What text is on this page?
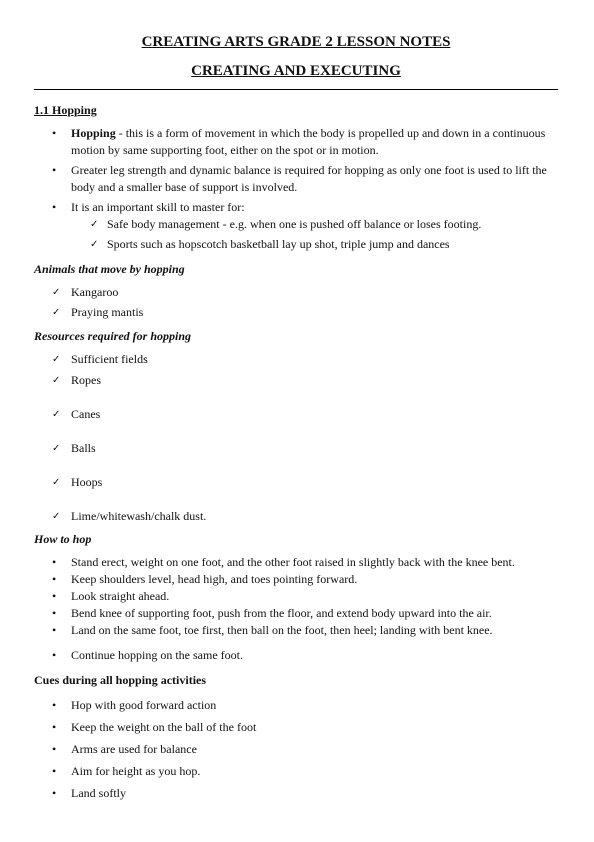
CREATING ARTS GRADE 2 LESSON NOTES
CREATING AND EXECUTING
1.1 Hopping
• Hopping - this is a form of movement in which the body is propelled up and down in a continuous motion by same supporting foot, either on the spot or in motion.
• Greater leg strength and dynamic balance is required for hopping as only one foot is used to lift the body and a smaller base of support is involved.
• It is an important skill to master for:
✓ Safe body management - e.g. when one is pushed off balance or loses footing.
✓ Sports such as hopscotch basketball lay up shot, triple jump and dances
Animals that move by hopping
✓ Kangaroo
✓ Praying mantis
Resources required for hopping
✓ Sufficient fields
✓ Ropes
✓ Canes
✓ Balls
✓ Hoops
✓ Lime/whitewash/chalk dust.
How to hop
• Stand erect, weight on one foot, and the other foot raised in slightly back with the knee bent.
• Keep shoulders level, head high, and toes pointing forward.
• Look straight ahead.
• Bend knee of supporting foot, push from the floor, and extend body upward into the air.
• Land on the same foot, toe first, then ball on the foot, then heel; landing with bent knee.
• Continue hopping on the same foot.
Cues during all hopping activities
• Hop with good forward action
• Keep the weight on the ball of the foot
• Arms are used for balance
• Aim for height as you hop.
• Land softly
